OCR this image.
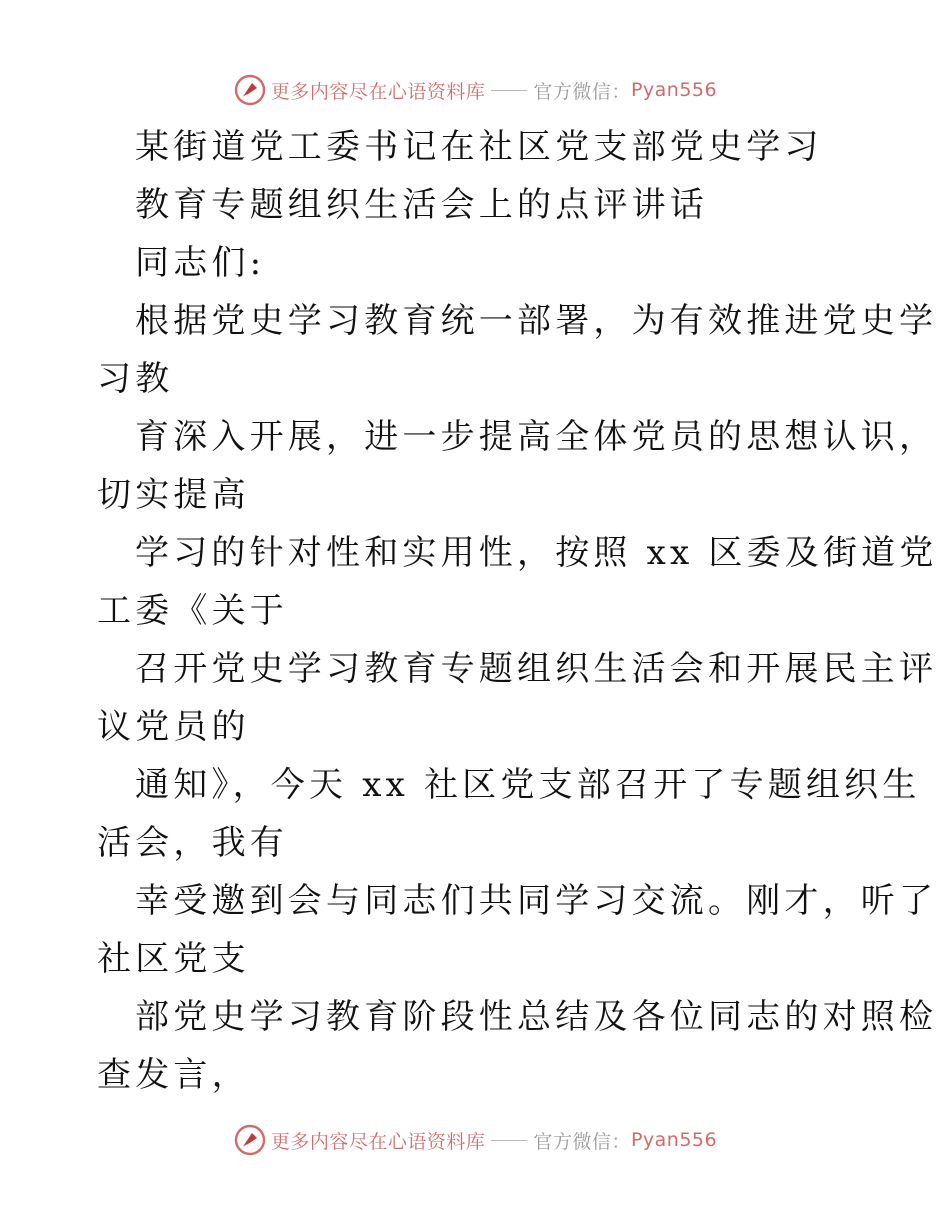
更多内容尽在心语资料库	官方微信： Pyan556
某街道党工委书记在社区党支部党史学习
教育专题组织生活会上的点评讲话
同志们:
根据党史学习教育统一部署，为有效推进党史学
习教
育深入开展，进一步提高全体党员的思想认识，
切实提高
学习的针对性和实用性，按照 xx 区委及街道党
工委《关于
召开党史学习教育专题组织生活会和开展民主评
议党员的
通知》，今天 xx 社区党支部召开了专题组织生
活会，我有
幸受邀到会与同志们共同学习交流。刚才，听了
社区党支
部党史学习教育阶段性总结及各位同志的对照检
查发言，
更多内容尽在心语资料库	官方微信： Pyan556
